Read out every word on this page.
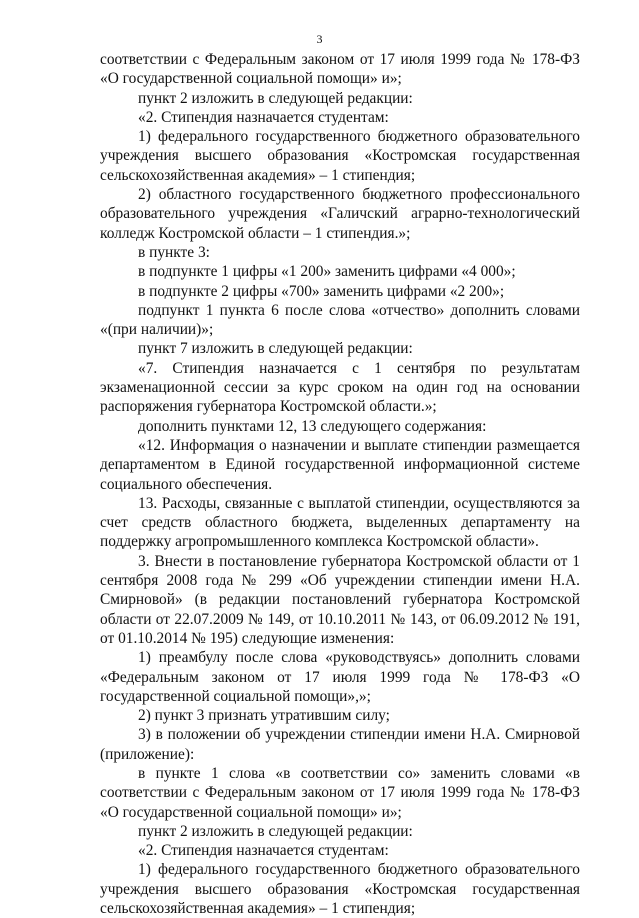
3

соответствии с Федеральным законом от 17 июля 1999 года № 178-ФЗ «О государственной социальной помощи» и»;

пункт 2 изложить в следующей редакции:

«2. Стипендия назначается студентам:

1) федерального государственного бюджетного образовательного учреждения высшего образования «Костромская государственная сельскохозяйственная академия» – 1 стипендия;

2) областного государственного бюджетного профессионального образовательного учреждения «Галичский аграрно-технологический колледж Костромской области – 1 стипендия.»;

в пункте 3:

в подпункте 1 цифры «1 200» заменить цифрами «4 000»;

в подпункте 2 цифры «700» заменить цифрами «2 200»;

подпункт 1 пункта 6 после слова «отчество» дополнить словами «(при наличии)»;

пункт 7 изложить в следующей редакции:

«7. Стипендия назначается с 1 сентября по результатам экзаменационной сессии за курс сроком на один год на основании распоряжения губернатора Костромской области.»;

дополнить пунктами 12, 13 следующего содержания:

«12. Информация о назначении и выплате стипендии размещается департаментом в Единой государственной информационной системе социального обеспечения.

13. Расходы, связанные с выплатой стипендии, осуществляются за счет средств областного бюджета, выделенных департаменту на поддержку агропромышленного комплекса Костромской области».

3. Внести в постановление губернатора Костромской области от 1 сентября 2008 года № 299 «Об учреждении стипендии имени Н.А. Смирновой» (в редакции постановлений губернатора Костромской области от 22.07.2009 № 149, от 10.10.2011 № 143, от 06.09.2012 № 191, от 01.10.2014 № 195) следующие изменения:

1) преамбулу после слова «руководствуясь» дополнить словами «Федеральным законом от 17 июля 1999 года № 178-ФЗ «О государственной социальной помощи»,»;

2) пункт 3 признать утратившим силу;

3) в положении об учреждении стипендии имени Н.А. Смирновой (приложение):

в пункте 1 слова «в соответствии со» заменить словами «в соответствии с Федеральным законом от 17 июля 1999 года № 178-ФЗ «О государственной социальной помощи» и»;

пункт 2 изложить в следующей редакции:

«2. Стипендия назначается студентам:

1) федерального государственного бюджетного образовательного учреждения высшего образования «Костромская государственная сельскохозяйственная академия» – 1 стипендия;
